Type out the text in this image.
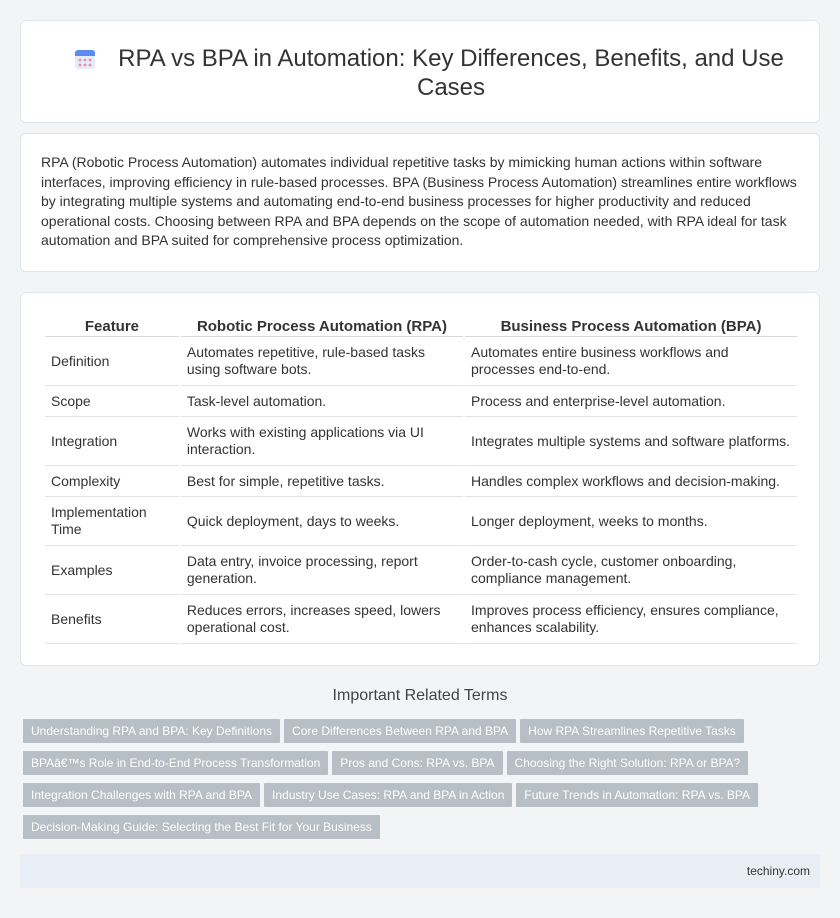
RPA vs BPA in Automation: Key Differences, Benefits, and Use Cases

RPA (Robotic Process Automation) automates individual repetitive tasks by mimicking human actions within software interfaces, improving efficiency in rule-based processes. BPA (Business Process Automation) streamlines entire workflows by integrating multiple systems and automating end-to-end business processes for higher productivity and reduced operational costs. Choosing between RPA and BPA depends on the scope of automation needed, with RPA ideal for task automation and BPA suited for comprehensive process optimization.

Feature	Robotic Process Automation (RPA)	Business Process Automation (BPA)
Definition	Automates repetitive, rule-based tasks using software bots.	Automates entire business workflows and processes end-to-end.
Scope	Task-level automation.	Process and enterprise-level automation.
Integration	Works with existing applications via UI interaction.	Integrates multiple systems and software platforms.
Complexity	Best for simple, repetitive tasks.	Handles complex workflows and decision-making.
Implementation Time	Quick deployment, days to weeks.	Longer deployment, weeks to months.
Examples	Data entry, invoice processing, report generation.	Order-to-cash cycle, customer onboarding, compliance management.
Benefits	Reduces errors, increases speed, lowers operational cost.	Improves process efficiency, ensures compliance, enhances scalability.
Important Related Terms
Understanding RPA and BPA: Key Definitions Core Differences Between RPA and BPA How RPA Streamlines Repetitive Tasks
BPAâ€™s Role in End-to-End Process Transformation Pros and Cons: RPA vs. BPA Choosing the Right Solution: RPA or BPA?
Integration Challenges with RPA and BPA Industry Use Cases: RPA and BPA in Action Future Trends in Automation: RPA vs. BPA
Decision-Making Guide: Selecting the Best Fit for Your Business
techiny.com
